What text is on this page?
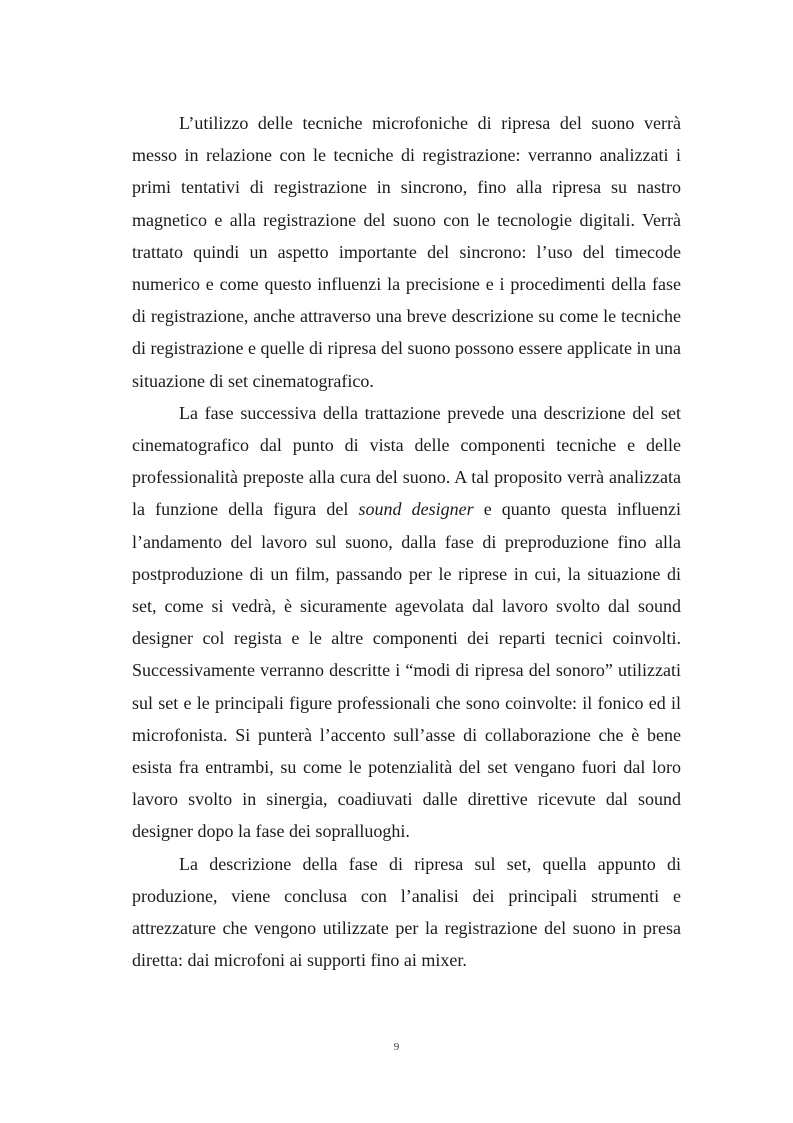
L’utilizzo delle tecniche microfoniche di ripresa del suono verrà messo in relazione con le tecniche di registrazione: verranno analizzati i primi tentativi di registrazione in sincrono, fino alla ripresa su nastro magnetico e alla registrazione del suono con le tecnologie digitali. Verrà trattato quindi un aspetto importante del sincrono: l’uso del timecode numerico e come questo influenzi la precisione e i procedimenti della fase di registrazione, anche attraverso una breve descrizione su come le tecniche di registrazione e quelle di ripresa del suono possono essere applicate in una situazione di set cinematografico.

La fase successiva della trattazione prevede una descrizione del set cinematografico dal punto di vista delle componenti tecniche e delle professionalità preposte alla cura del suono. A tal proposito verrà analizzata la funzione della figura del sound designer e quanto questa influenzi l’andamento del lavoro sul suono, dalla fase di preproduzione fino alla postproduzione di un film, passando per le riprese in cui, la situazione di set, come si vedrà, è sicuramente agevolata dal lavoro svolto dal sound designer col regista e le altre componenti dei reparti tecnici coinvolti. Successivamente verranno descritte i “modi di ripresa del sonoro” utilizzati sul set e le principali figure professionali che sono coinvolte: il fonico ed il microfonista. Si punterà l’accento sull’asse di collaborazione che è bene esista fra entrambi, su come le potenzialità del set vengano fuori dal loro lavoro svolto in sinergia, coadiuvati dalle direttive ricevute dal sound designer dopo la fase dei sopralluoghi.

La descrizione della fase di ripresa sul set, quella appunto di produzione, viene conclusa con l’analisi dei principali strumenti e attrezzature che vengono utilizzate per la registrazione del suono in presa diretta: dai microfoni ai supporti fino ai mixer.

9
